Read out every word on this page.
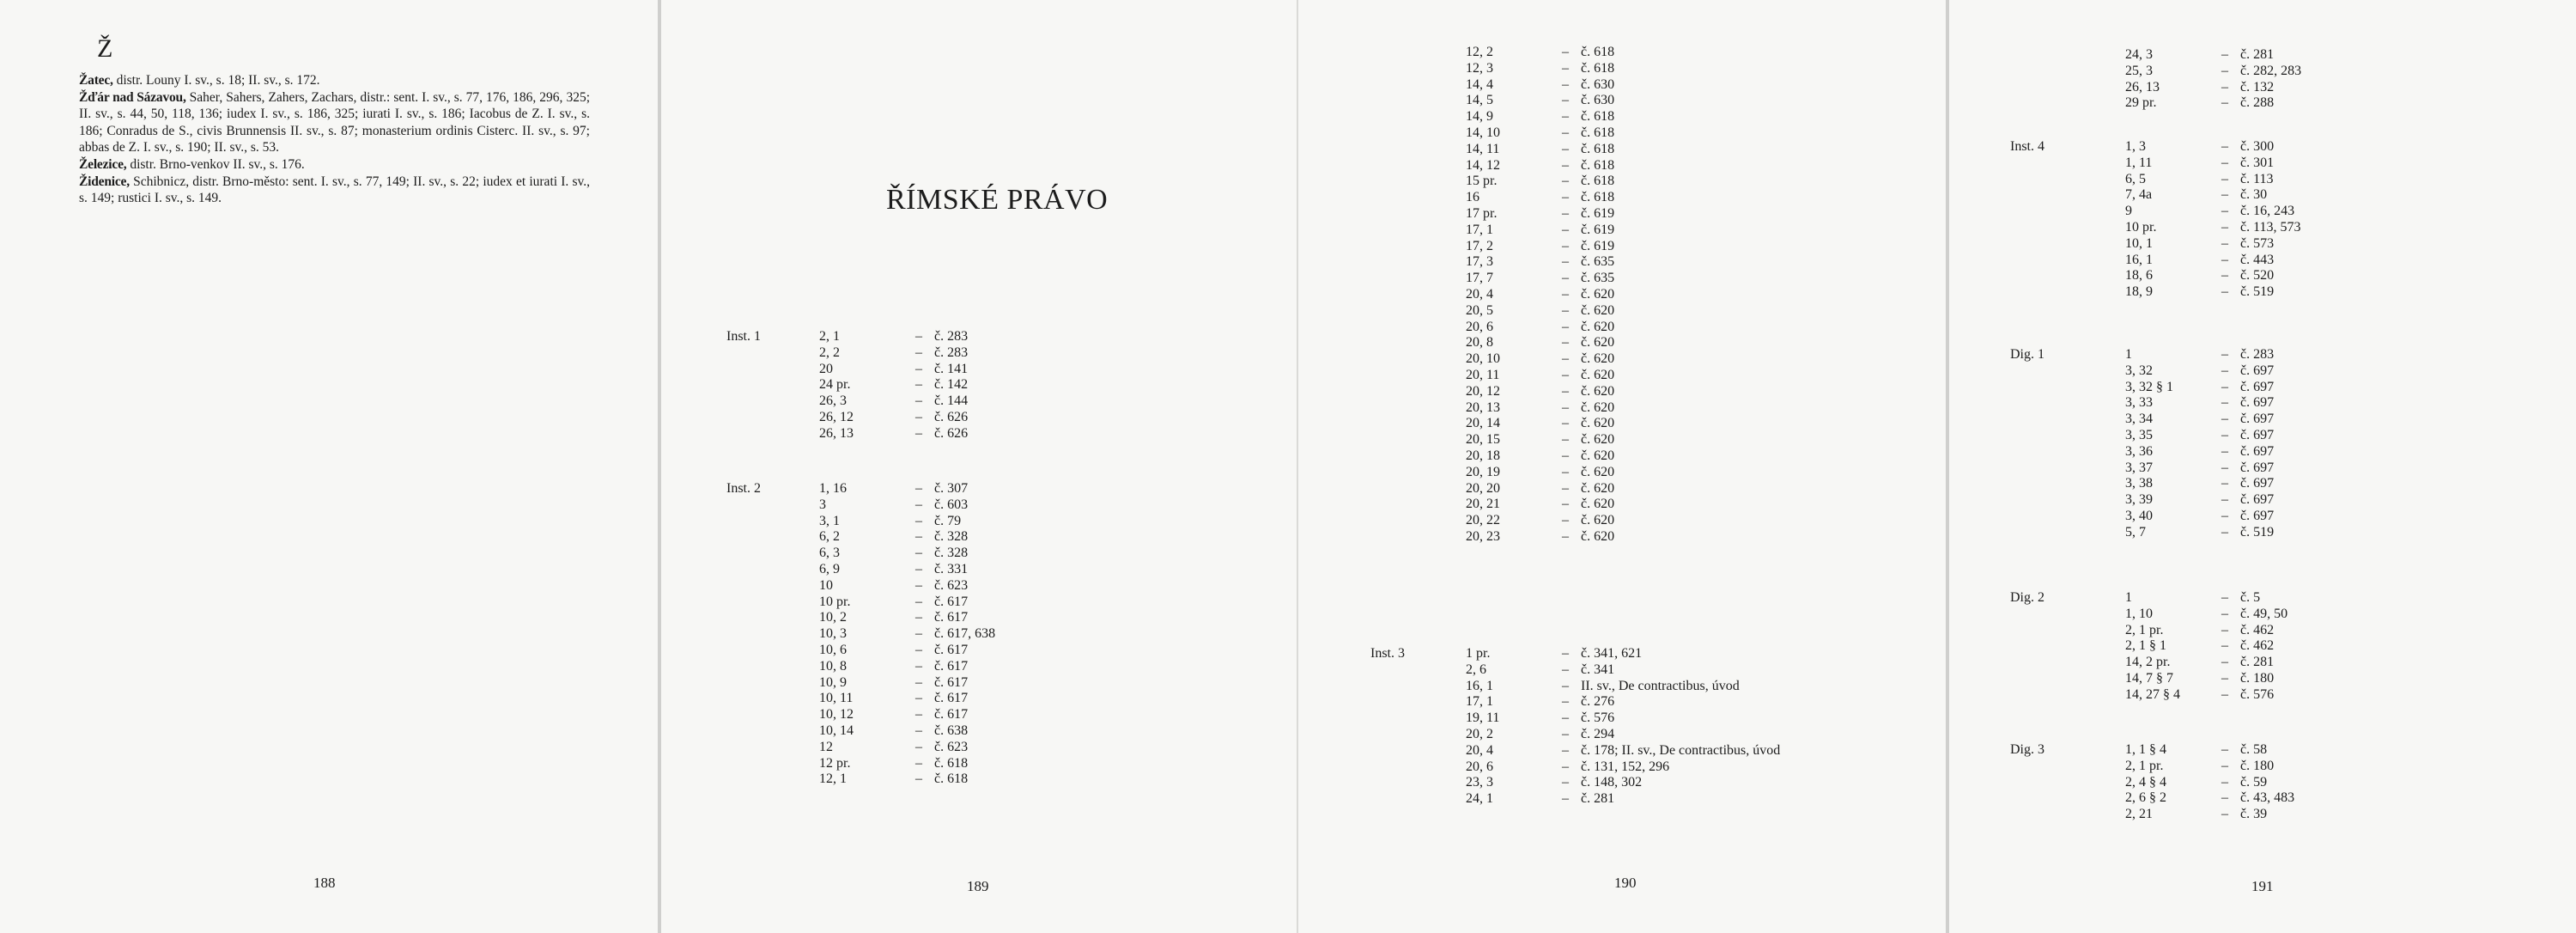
Ž

Žatec, distr. Louny I. sv., s. 18; II. sv., s. 172.

Žďár nad Sázavou, Saher, Sahers, Zahers, Zachars, distr.: sent. I. sv., s. 77, 176, 186, 296, 325; II. sv., s. 44, 50, 118, 136; iudex I. sv., s. 186, 325; iurati I. sv., s. 186; Iacobus de Z. I. sv., s. 186; Conradus de S., civis Brunnensis II. sv., s. 87; monasterium ordinis Cisterc. II. sv., s. 97; abbas de Z. I. sv., s. 190; II. sv., s. 53.

Železice, distr. Brno-venkov II. sv., s. 176.

Židenice, Schibnicz, distr. Brno-město: sent. I. sv., s. 77, 149; II. sv., s. 22; iudex et iurati I. sv., s. 149; rustici I. sv., s. 149.

188
ŘÍMSKÉ PRÁVO
Inst. 1	2, 1	– č. 283
2, 2	– č. 283
20	– č. 141
24 pr.	– č. 142
26, 3	– č. 144
26, 12	– č. 626
26, 13	– č. 626
Inst. 2	1, 16	– č. 307
3	– č. 603
3, 1	– č. 79
6, 2	– č. 328
6, 3	– č. 328
6, 9	– č. 331
10	– č. 623
10 pr.	– č. 617
10, 2	– č. 617
10, 3	– č. 617, 638
10, 6	– č. 617
10, 8	– č. 617
10, 9	– č. 617
10, 11	– č. 617
10, 12	– č. 617
10, 14	– č. 638
12	– č. 623
12 pr.	– č. 618
12, 1	– č. 618
189
12, 2	– č. 618
12, 3	– č. 618
14, 4	– č. 630
14, 5	– č. 630
14, 9	– č. 618
14, 10	– č. 618
14, 11	– č. 618
14, 12	– č. 618
15 pr.	– č. 618
16	– č. 618
17 pr.	– č. 619
17, 1	– č. 619
17, 2	– č. 619
17, 3	– č. 635
17, 7	– č. 635
20, 4	– č. 620
20, 5	– č. 620
20, 6	– č. 620
20, 8	– č. 620
20, 10	– č. 620
20, 11	– č. 620
20, 12	– č. 620
20, 13	– č. 620
20, 14	– č. 620
20, 15	– č. 620
20, 18	– č. 620
20, 19	– č. 620
20, 20	– č. 620
20, 21	– č. 620
20, 22	– č. 620
20, 23	– č. 620
Inst. 3	1 pr.	– č. 341, 621
2, 6	– č. 341
16, 1	– II. sv., De contractibus, úvod
17, 1	– č. 276
19, 11	– č. 576
20, 2	– č. 294
20, 4	– č. 178; II. sv., De contractibus, úvod
20, 6	– č. 131, 152, 296
23, 3	– č. 148, 302
24, 1	– č. 281
190
24, 3	– č. 281
25, 3	– č. 282, 283
26, 13	– č. 132
29 pr.	– č. 288
Inst. 4	1, 3	– č. 300
1, 11	– č. 301
6, 5	– č. 113
7, 4a	– č. 30
9	– č. 16, 243
10 pr.	– č. 113, 573
10, 1	– č. 573
16, 1	– č. 443
18, 6	– č. 520
18, 9	– č. 519
Dig. 1	1	– č. 283
3, 32	– č. 697
3, 32 § 1	– č. 697
3, 33	– č. 697
3, 34	– č. 697
3, 35	– č. 697
3, 36	– č. 697
3, 37	– č. 697
3, 38	– č. 697
3, 39	– č. 697
3, 40	– č. 697
5, 7	– č. 519
Dig. 2	1	– č. 5
1, 10	– č. 49, 50
2, 1 pr.	– č. 462
2, 1 § 1	– č. 462
14, 2 pr.	– č. 281
14, 7 § 7	– č. 180
14, 27 § 4	– č. 576
Dig. 3	1, 1 § 4	– č. 58
2, 1 pr.	– č. 180
2, 4 § 4	– č. 59
2, 6 § 2	– č. 43, 483
2, 21	– č. 39
191
